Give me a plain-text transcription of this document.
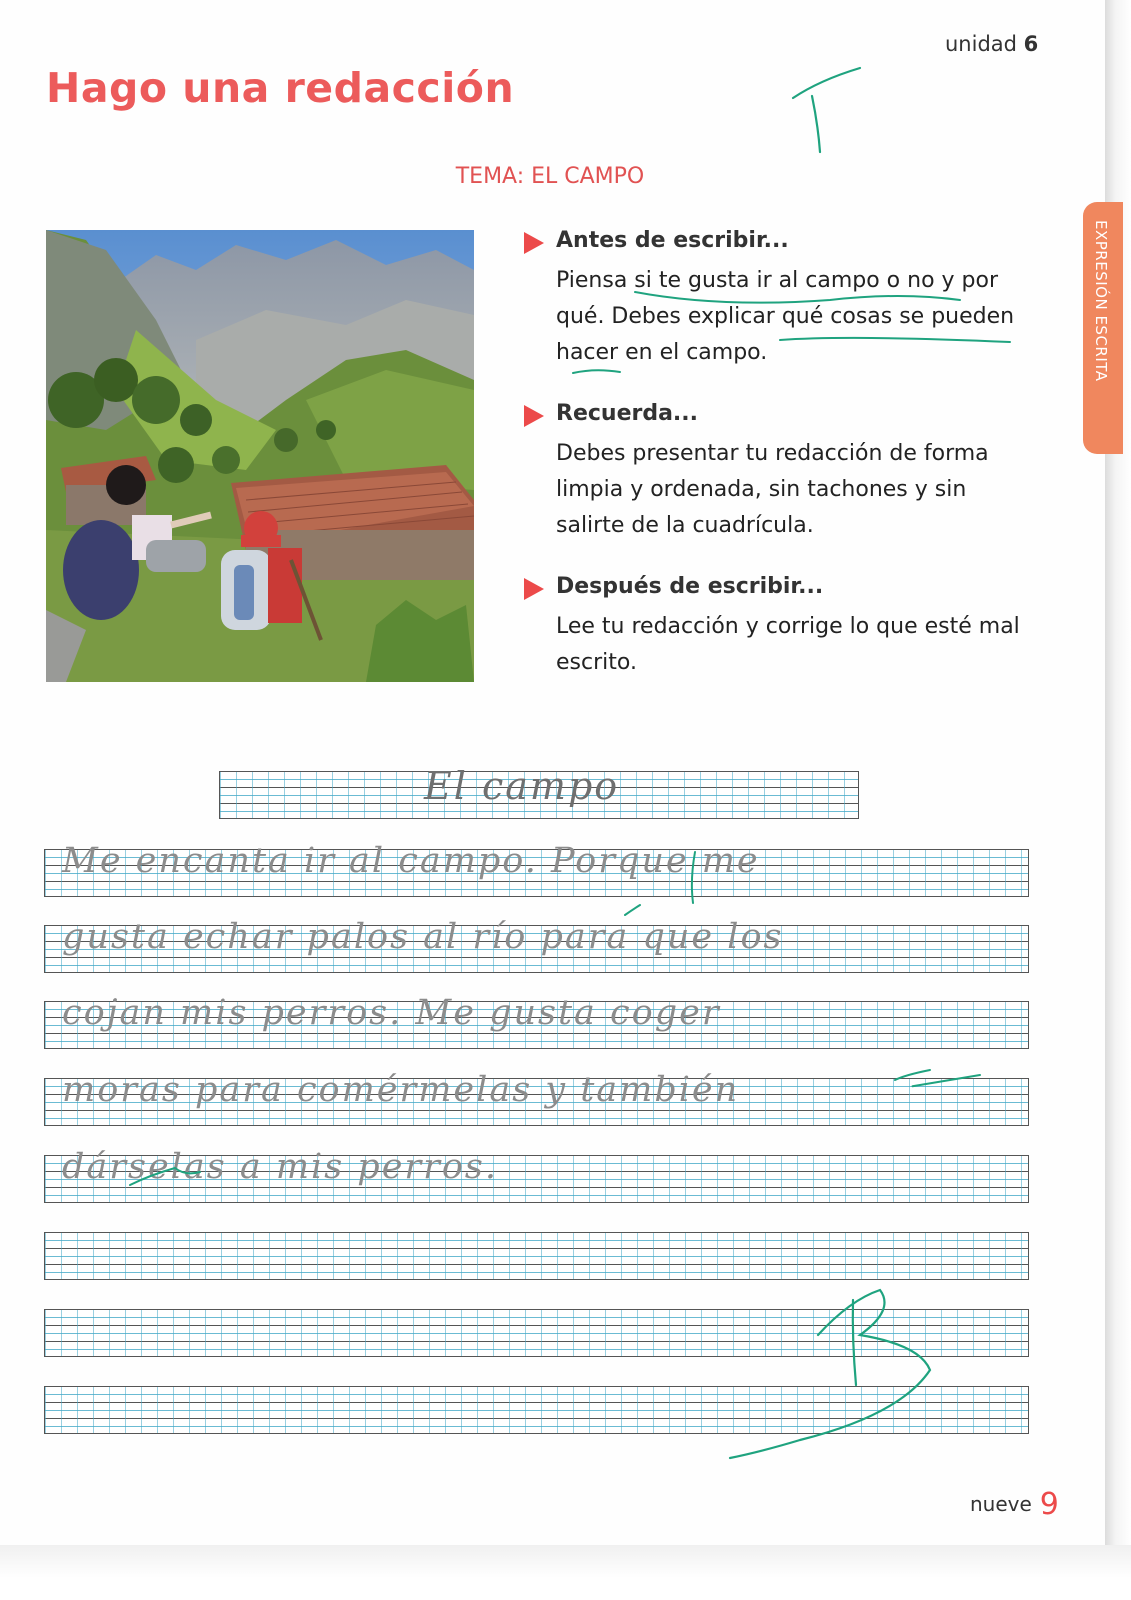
unidad 6
Hago una redacción
TEMA: EL CAMPO
EXPRESIÓN ESCRITA
Antes de escribir...
Piensa si te gusta ir al campo o no y por qué. Debes explicar qué cosas se pueden hacer en el campo.
Recuerda...
Debes presentar tu redacción de forma limpia y ordenada, sin tachones y sin salirte de la cuadrícula.
Después de escribir...
Lee tu redacción y corrige lo que esté mal escrito.
El campo
Me encanta ir al campo. Porque me
gusta echar palos al río para que los
cojan mis perros. Me gusta coger
moras para comérmelas y también
dárselas a mis perros.
nueve 9
